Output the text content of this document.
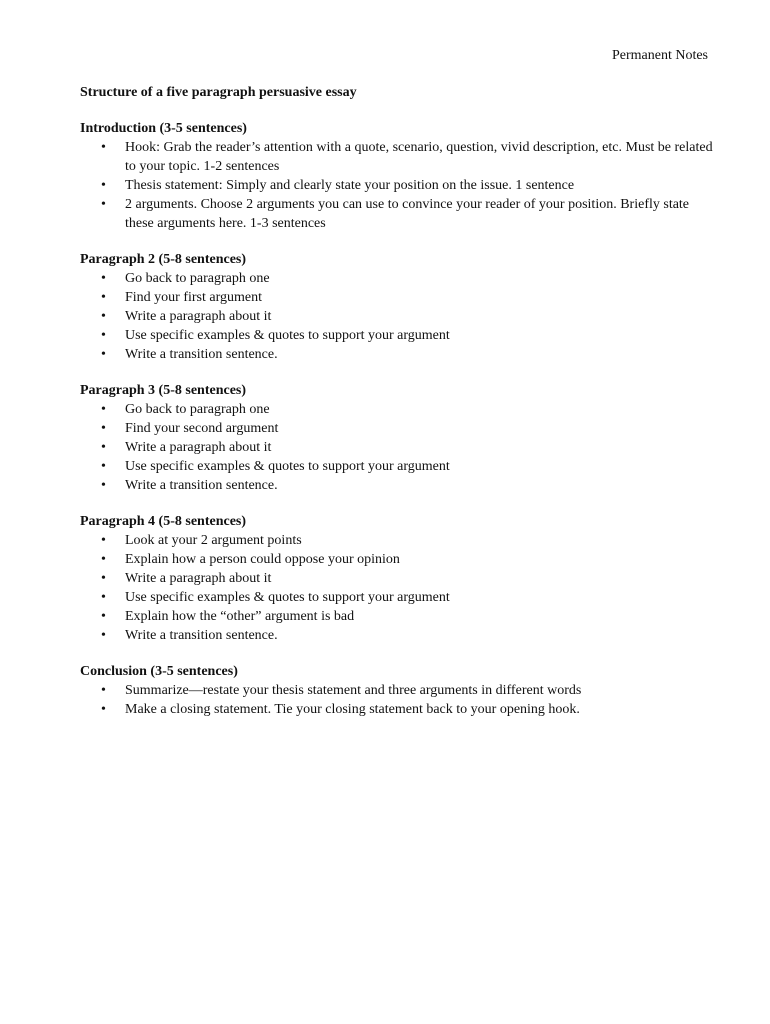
Permanent Notes
Structure of a five paragraph persuasive essay
Introduction (3-5 sentences)
• Hook: Grab the reader’s attention with a quote, scenario, question, vivid description, etc. Must be related to your topic. 1-2 sentences
• Thesis statement: Simply and clearly state your position on the issue. 1 sentence
• 2 arguments. Choose 2 arguments you can use to convince your reader of your position. Briefly state these arguments here. 1-3 sentences
Paragraph 2 (5-8 sentences)
• Go back to paragraph one
• Find your first argument
• Write a paragraph about it
• Use specific examples & quotes to support your argument
• Write a transition sentence.
Paragraph 3 (5-8 sentences)
• Go back to paragraph one
• Find your second argument
• Write a paragraph about it
• Use specific examples & quotes to support your argument
• Write a transition sentence.
Paragraph 4 (5-8 sentences)
• Look at your 2 argument points
• Explain how a person could oppose your opinion
• Write a paragraph about it
• Use specific examples & quotes to support your argument
• Explain how the “other” argument is bad
• Write a transition sentence.
Conclusion (3-5 sentences)
• Summarize—restate your thesis statement and three arguments in different words
• Make a closing statement. Tie your closing statement back to your opening hook.
